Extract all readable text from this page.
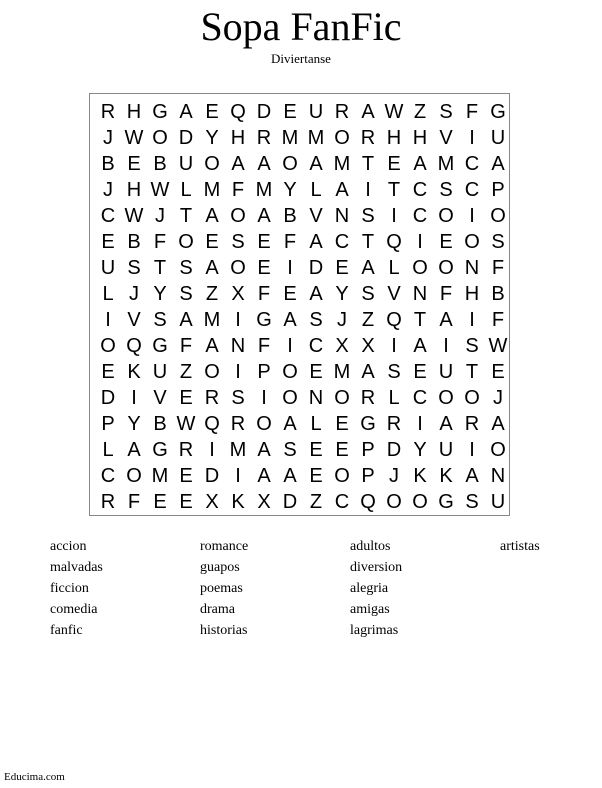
Sopa FanFic
Diviertanse
R H G A E Q D E U R A W Z S F G
J W O D Y H R M M O R H H V I U
B E B U O A A O A M T E A M C A
J H W L M F M Y L A I T C S C P
C W J T A O A B V N S I C O I O
E B F O E S E F A C T Q I E O S
U S T S A O E I D E A L O O N F
L J Y S Z X F E A Y S V N F H B
I V S A M I G A S J Z Q T A I F
O Q G F A N F I C X X I A I S W
E K U Z O I P O E M A S E U T E
D I V E R S I O N O R L C O O J
P Y B W Q R O A L E G R I A R A
L A G R I M A S E E P D Y U I O
C O M E D I A A E O P J K K A N
R F E E X K X D Z C Q O O G S U
accion
malvadas
ficcion
comedia
fanfic
romance
guapos
poemas
drama
historias
adultos
diversion
alegria
amigas
lagrimas
artistas
Educima.com
